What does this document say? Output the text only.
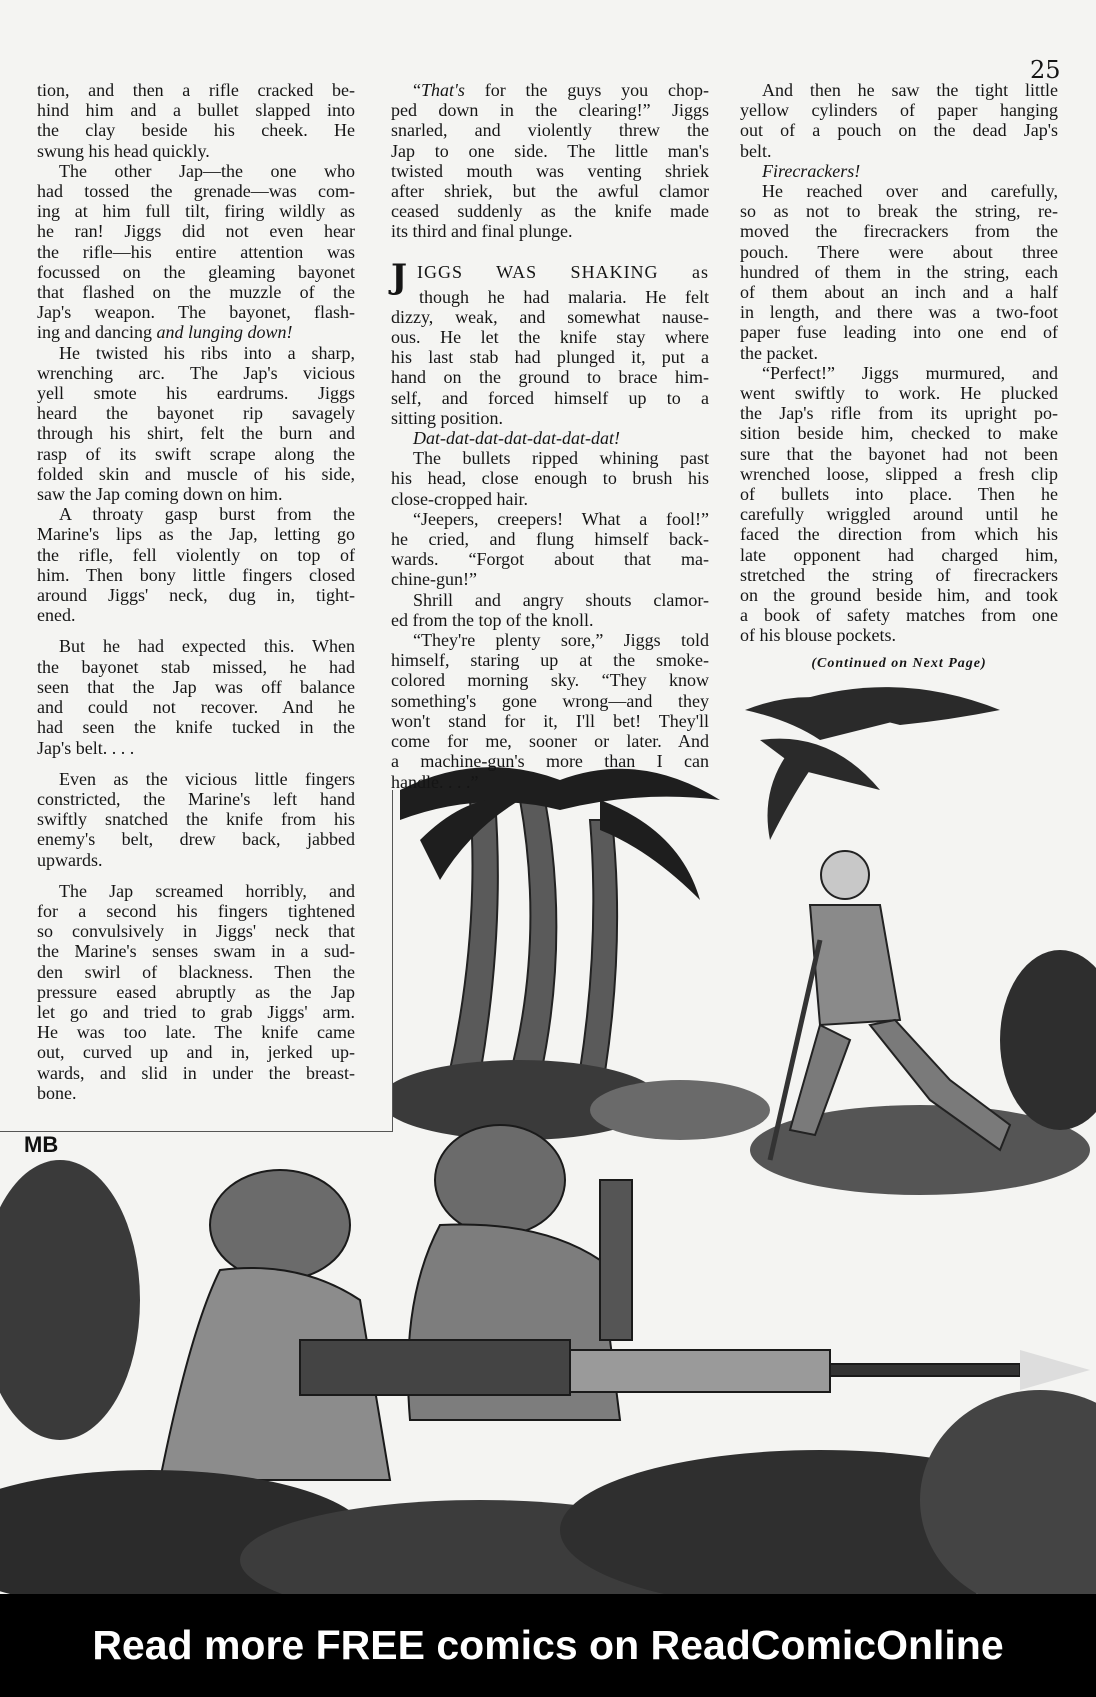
25
MB
tion, and then a rifle cracked be-
hind him and a bullet slapped into
the clay beside his cheek. He
swung his head quickly.
The other Jap—the one who
had tossed the grenade—was com-
ing at him full tilt, firing wildly as
he ran! Jiggs did not even hear
the rifle—his entire attention was
focussed on the gleaming bayonet
that flashed on the muzzle of the
Jap's weapon. The bayonet, flash-
ing and dancing and lunging down!
He twisted his ribs into a sharp,
wrenching arc. The Jap's vicious
yell smote his eardrums. Jiggs
heard the bayonet rip savagely
through his shirt, felt the burn and
rasp of its swift scrape along the
folded skin and muscle of his side,
saw the Jap coming down on him.
A throaty gasp burst from the
Marine's lips as the Jap, letting go
the rifle, fell violently on top of
him. Then bony little fingers closed
around Jiggs' neck, dug in, tight-
ened.
But he had expected this. When
the bayonet stab missed, he had
seen that the Jap was off balance
and could not recover. And he
had seen the knife tucked in the
Jap's belt. . . .
Even as the vicious little fingers
constricted, the Marine's left hand
swiftly snatched the knife from his
enemy's belt, drew back, jabbed
upwards.
The Jap screamed horribly, and
for a second his fingers tightened
so convulsively in Jiggs' neck that
the Marine's senses swam in a sud-
den swirl of blackness. Then the
pressure eased abruptly as the Jap
let go and tried to grab Jiggs' arm.
He was too late. The knife came
out, curved up and in, jerked up-
wards, and slid in under the breast-
bone.
“That's for the guys you chop-
ped down in the clearing!” Jiggs
snarled, and violently threw the
Jap to one side. The little man's
twisted mouth was venting shriek
after shriek, but the awful clamor
ceased suddenly as the knife made
its third and final plunge.
JIGGS WAS SHAKING as
though he had malaria. He felt
dizzy, weak, and somewhat nause-
ous. He let the knife stay where
his last stab had plunged it, put a
hand on the ground to brace him-
self, and forced himself up to a
sitting position.
Dat-dat-dat-dat-dat-dat-dat!
The bullets ripped whining past
his head, close enough to brush his
close-cropped hair.
“Jeepers, creepers! What a fool!”
he cried, and flung himself back-
wards. “Forgot about that ma-
chine-gun!”
Shrill and angry shouts clamor-
ed from the top of the knoll.
“They're plenty sore,” Jiggs told
himself, staring up at the smoke-
colored morning sky. “They know
something's gone wrong—and they
won't stand for it, I'll bet! They'll
come for me, sooner or later. And
a machine-gun's more than I can
handle. . . .”
And then he saw the tight little
yellow cylinders of paper hanging
out of a pouch on the dead Jap's
belt.
Firecrackers!
He reached over and carefully,
so as not to break the string, re-
moved the firecrackers from the
pouch. There were about three
hundred of them in the string, each
of them about an inch and a half
in length, and there was a two-foot
paper fuse leading into one end of
the packet.
“Perfect!” Jiggs murmured, and
went swiftly to work. He plucked
the Jap's rifle from its upright po-
sition beside him, checked to make
sure that the bayonet had not been
wrenched loose, slipped a fresh clip
of bullets into place. Then he
carefully wriggled around until he
faced the direction from which his
late opponent had charged him,
stretched the string of firecrackers
on the ground beside him, and took
a book of safety matches from one
of his blouse pockets.
(Continued on Next Page)
Read more FREE comics on ReadComicOnline
